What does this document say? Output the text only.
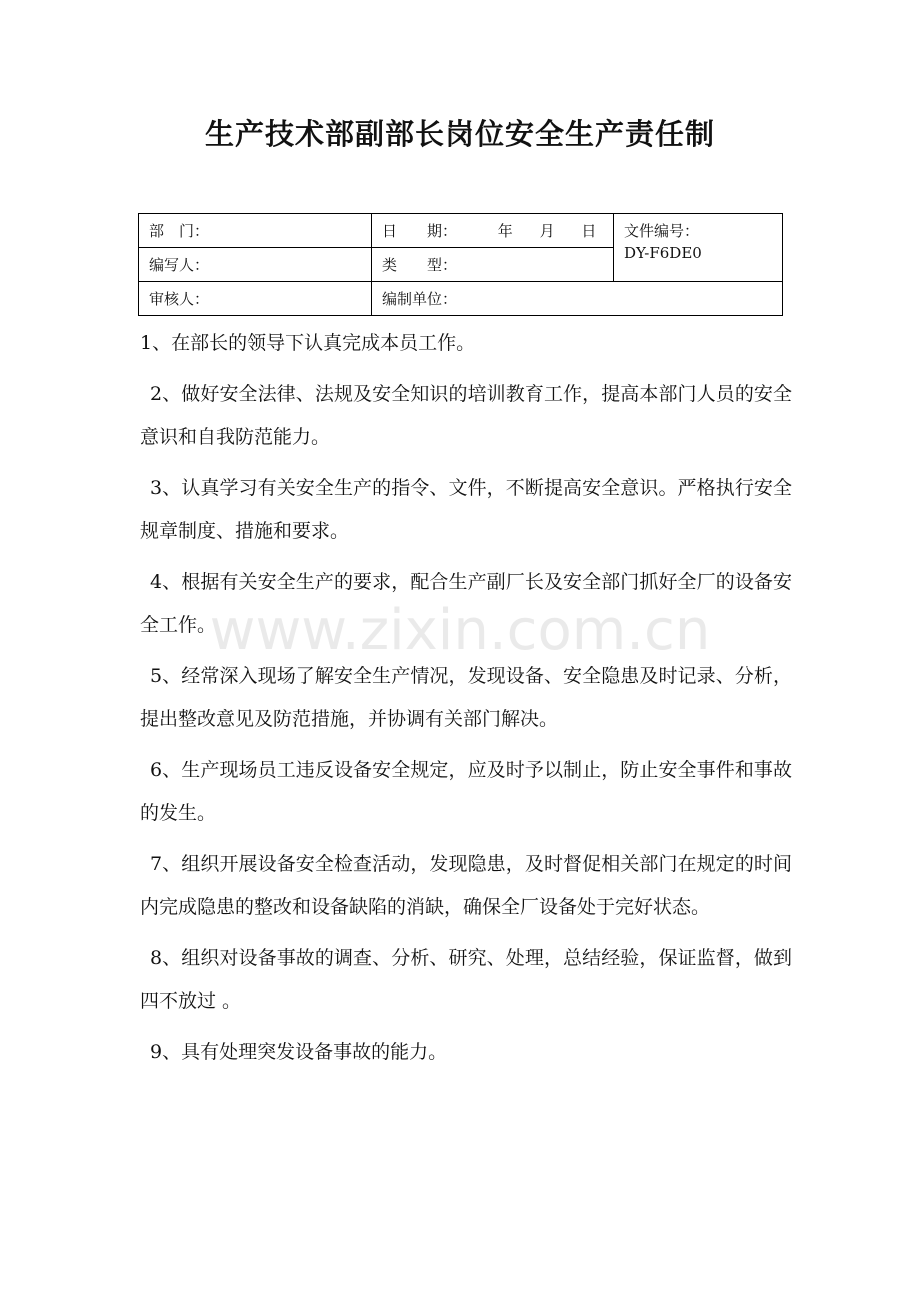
生产技术部副部长岗位安全生产责任制
部　门：	日　　期： 年 月 日	文件编号：
DY-F6DE0

编写人：	类　　型：	
审核人：	编制单位：	

1、在部长的领导下认真完成本员工作。

2、做好安全法律、法规及安全知识的培训教育工作，提高本部门人员的安全意识和自我防范能力。

3、认真学习有关安全生产的指令、文件，不断提高安全意识。严格执行安全规章制度、措施和要求。

4、根据有关安全生产的要求，配合生产副厂长及安全部门抓好全厂的设备安全工作。

5、经常深入现场了解安全生产情况，发现设备、安全隐患及时记录、分析，提出整改意见及防范措施，并协调有关部门解决。

6、生产现场员工违反设备安全规定，应及时予以制止，防止安全事件和事故的发生。

7、组织开展设备安全检查活动，发现隐患，及时督促相关部门在规定的时间内完成隐患的整改和设备缺陷的消缺，确保全厂设备处于完好状态。

8、组织对设备事故的调查、分析、研究、处理，总结经验，保证监督，做到 四不放过 。

9、具有处理突发设备事故的能力。

www.zixin.com.cn
